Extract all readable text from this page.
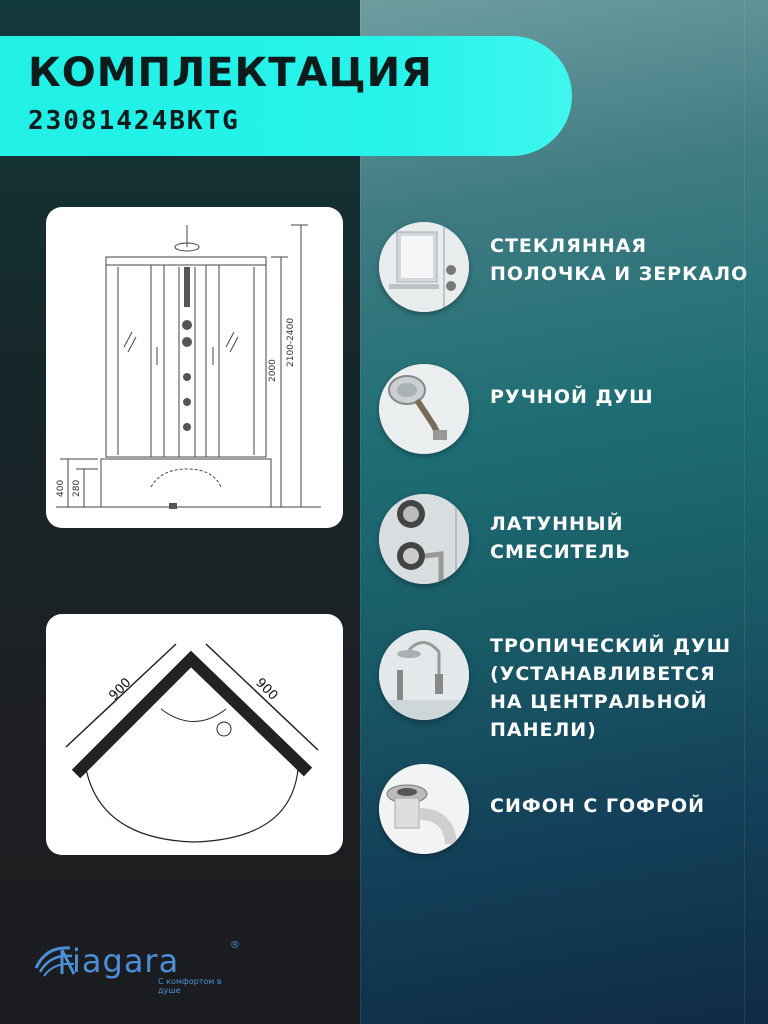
КОМПЛЕКТАЦИЯ
23081424BKTG
2100-2400
2000
400 280
900	900
СТЕКЛЯННАЯ
ПОЛОЧКА И ЗЕРКАЛО
РУЧНОЙ ДУШ
ЛАТУННЫЙ
СМЕСИТЕЛЬ
ТРОПИЧЕСКИЙ ДУШ
(УСТАНАВЛИВЕТСЯ
НА ЦЕНТРАЛЬНОЙ
ПАНЕЛИ)
СИФОН С ГОФРОЙ
iagara	®
С комфортом в душе
